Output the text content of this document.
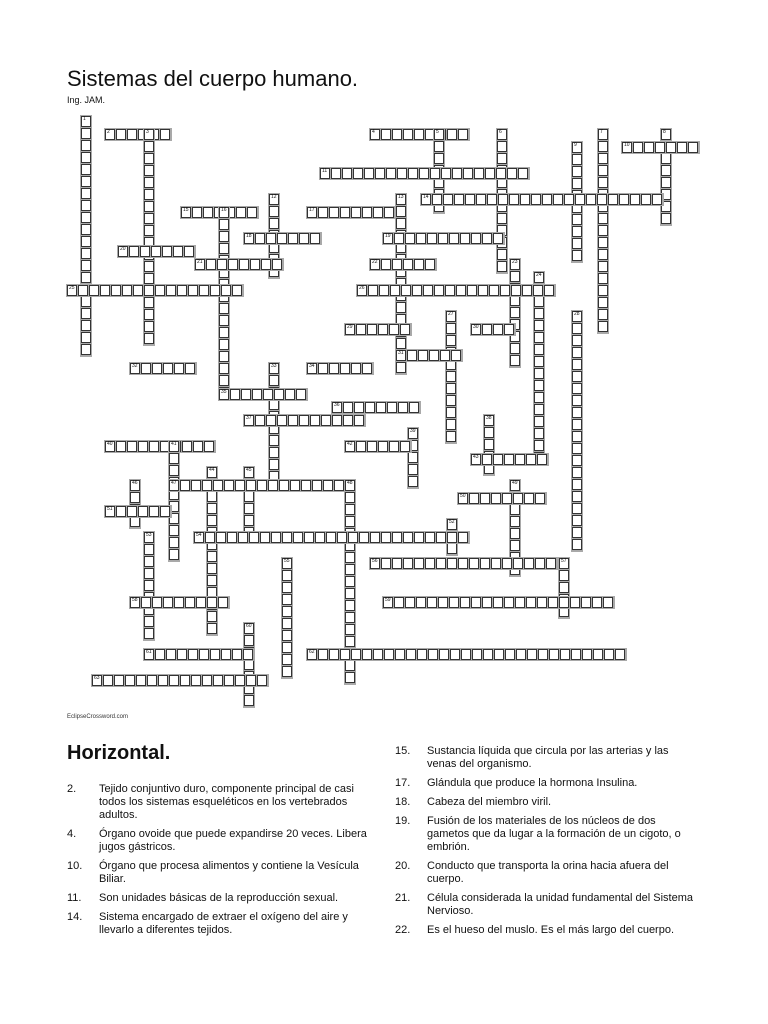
Sistemas del cuerpo humano.
Ing. JAM.
1
2	3	4	5	6	7	8
9	10
11
12	13	14
15	16	17
18	19
20
21	22	23
24
25	26
27	28
29	30
31
32	33	34
35
36
37	38
39
40	41	42
43
44	45
46	47	48	49
50
51
52
53	54
55	56	57
58	59
60
61	62
63
EclipseCrossword.com
Horizontal.
2.	Tejido conjuntivo duro, componente principal de casi todos los sistemas esqueléticos en los vertebrados adultos.
4.	Órgano ovoide que puede expandirse 20 veces. Libera jugos gástricos.
10.	Órgano que procesa alimentos y contiene la Vesícula Biliar.
11.	Son unidades básicas de la reproducción sexual.
14.	Sistema encargado de extraer el oxígeno del aire y llevarlo a diferentes tejidos.
15.	Sustancia líquida que circula por las arterias y las venas del organismo.
17.	Glándula que produce la hormona Insulina.
18.	Cabeza del miembro viril.
19.	Fusión de los materiales de los núcleos de dos gametos que da lugar a la formación de un cigoto, o embrión.
20.	Conducto que transporta la orina hacia afuera del cuerpo.
21.	Célula considerada la unidad fundamental del Sistema Nervioso.
22.	Es el hueso del muslo. Es el más largo del cuerpo.
